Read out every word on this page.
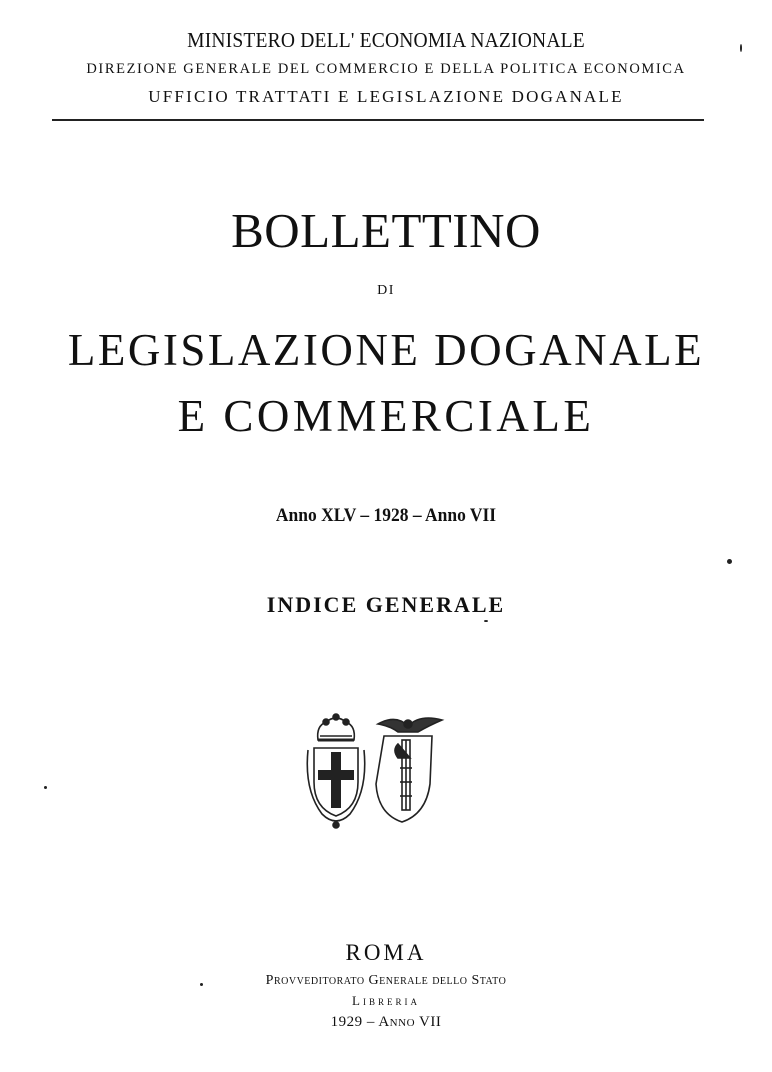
MINISTERO DELL' ECONOMIA NAZIONALE
DIREZIONE GENERALE DEL COMMERCIO E DELLA POLITICA ECONOMICA
UFFICIO TRATTATI E LEGISLAZIONE DOGANALE
BOLLETTINO
DI
LEGISLAZIONE DOGANALE
E COMMERCIALE
Anno XLV – 1928 – Anno VII
INDICE GENERALE
ROMA
Provveditorato Generale dello Stato
Libreria
1929 – Anno VII
